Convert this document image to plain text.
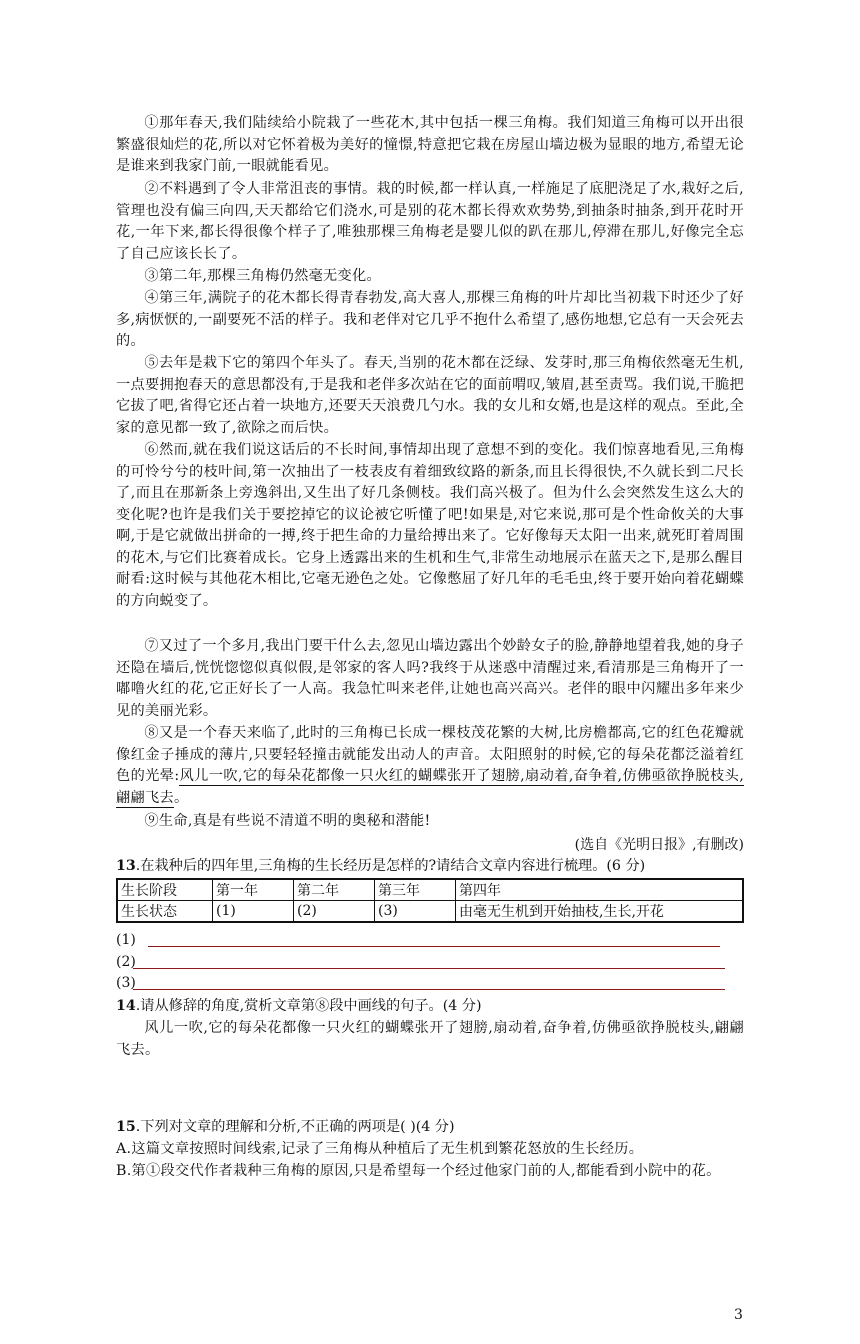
①那年春天,我们陆续给小院栽了一些花木,其中包括一棵三角梅。我们知道三角梅可以开出很繁盛很灿烂的花,所以对它怀着极为美好的憧憬,特意把它栽在房屋山墙边极为显眼的地方,希望无论是谁来到我家门前,一眼就能看见。

②不料遇到了令人非常沮丧的事情。栽的时候,都一样认真,一样施足了底肥浇足了水,栽好之后,管理也没有偏三向四,天天都给它们浇水,可是别的花木都长得欢欢势势,到抽条时抽条,到开花时开花,一年下来,都长得很像个样子了,唯独那棵三角梅老是婴儿似的趴在那儿,停滞在那儿,好像完全忘了自己应该长长了。

③第二年,那棵三角梅仍然毫无变化。

④第三年,满院子的花木都长得青春勃发,高大喜人,那棵三角梅的叶片却比当初栽下时还少了好多,病恹恹的,一副要死不活的样子。我和老伴对它几乎不抱什么希望了,感伤地想,它总有一天会死去的。

⑤去年是栽下它的第四个年头了。春天,当别的花木都在泛绿、发芽时,那三角梅依然毫无生机,一点要拥抱春天的意思都没有,于是我和老伴多次站在它的面前喟叹,皱眉,甚至责骂。我们说,干脆把它拔了吧,省得它还占着一块地方,还要天天浪费几勺水。我的女儿和女婿,也是这样的观点。至此,全家的意见都一致了,欲除之而后快。

⑥然而,就在我们说这话后的不长时间,事情却出现了意想不到的变化。我们惊喜地看见,三角梅的可怜兮兮的枝叶间,第一次抽出了一枝表皮有着细致纹路的新条,而且长得很快,不久就长到二尺长了,而且在那新条上旁逸斜出,又生出了好几条侧枝。我们高兴极了。但为什么会突然发生这么大的变化呢?也许是我们关于要挖掉它的议论被它听懂了吧!如果是,对它来说,那可是个性命攸关的大事啊,于是它就做出拼命的一搏,终于把生命的力量给搏出来了。它好像每天太阳一出来,就死盯着周围的花木,与它们比赛着成长。它身上透露出来的生机和生气,非常生动地展示在蓝天之下,是那么醒目耐看:这时候与其他花木相比,它毫无逊色之处。它像憋屈了好几年的毛毛虫,终于要开始向着花蝴蝶的方向蜕变了。

⑦又过了一个多月,我出门要干什么去,忽见山墙边露出个妙龄女子的脸,静静地望着我,她的身子还隐在墙后,恍恍惚惚似真似假,是邻家的客人吗?我终于从迷惑中清醒过来,看清那是三角梅开了一嘟噜火红的花,它正好长了一人高。我急忙叫来老伴,让她也高兴高兴。老伴的眼中闪耀出多年来少见的美丽光彩。

⑧又是一个春天来临了,此时的三角梅已长成一棵枝茂花繁的大树,比房檐都高,它的红色花瓣就像红金子捶成的薄片,只要轻轻撞击就能发出动人的声音。太阳照射的时候,它的每朵花都泛溢着红色的光晕:风儿一吹,它的每朵花都像一只火红的蝴蝶张开了翅膀,扇动着,奋争着,仿佛亟欲挣脱枝头,翩翩飞去。

⑨生命,真是有些说不清道不明的奥秘和潜能!

(选自《光明日报》,有删改)

13.在栽种后的四年里,三角梅的生长经历是怎样的?请结合文章内容进行梳理。(6 分)

生长阶段	第一年	第二年	第三年	第四年
生长状态	(1)	(2)	(3)	由毫无生机到开始抽枝,生长,开花
(1)
(2)
(3)

14.请从修辞的角度,赏析文章第⑧段中画线的句子。(4 分)

风儿一吹,它的每朵花都像一只火红的蝴蝶张开了翅膀,扇动着,奋争着,仿佛亟欲挣脱枝头,翩翩飞去。

15.下列对文章的理解和分析,不正确的两项是( )(4 分)

A.这篇文章按照时间线索,记录了三角梅从种植后了无生机到繁花怒放的生长经历。

B.第①段交代作者栽种三角梅的原因,只是希望每一个经过他家门前的人,都能看到小院中的花。

3
